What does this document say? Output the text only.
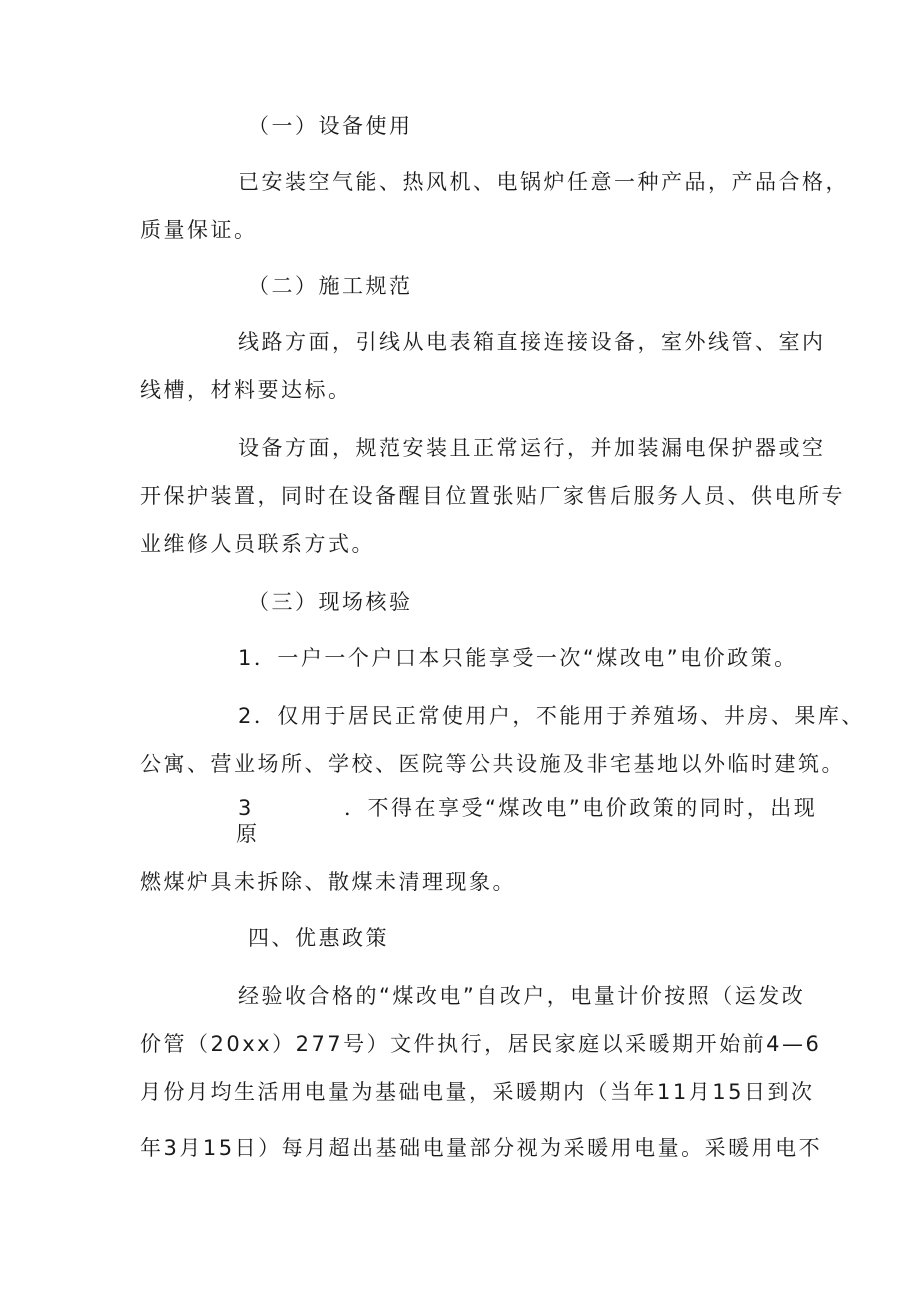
（一）设备使用
已安装空气能、热风机、电锅炉任意一种产品，产品合格，
质量保证。
（二）施工规范
线路方面，引线从电表箱直接连接设备，室外线管、室内
线槽，材料要达标。
设备方面，规范安装且正常运行，并加装漏电保护器或空
开保护装置，同时在设备醒目位置张贴厂家售后服务人员、供电所专
业维修人员联系方式。
（三）现场核验
1．一户一个户口本只能享受一次“煤改电”电价政策。
2．仅用于居民正常使用户，不能用于养殖场、井房、果库、
公寓、营业场所、学校、医院等公共设施及非宅基地以外临时建筑。
3	．不得在享受“煤改电”电价政策的同时，出现
原
燃煤炉具未拆除、散煤未清理现象。
四、优惠政策
经验收合格的“煤改电”自改户，电量计价按照（运发改
价管（20xx）277号）文件执行，居民家庭以采暖期开始前4—6
月份月均生活用电量为基础电量，采暖期内（当年11月15日到次
年3月15日）每月超出基础电量部分视为采暖用电量。采暖用电不
